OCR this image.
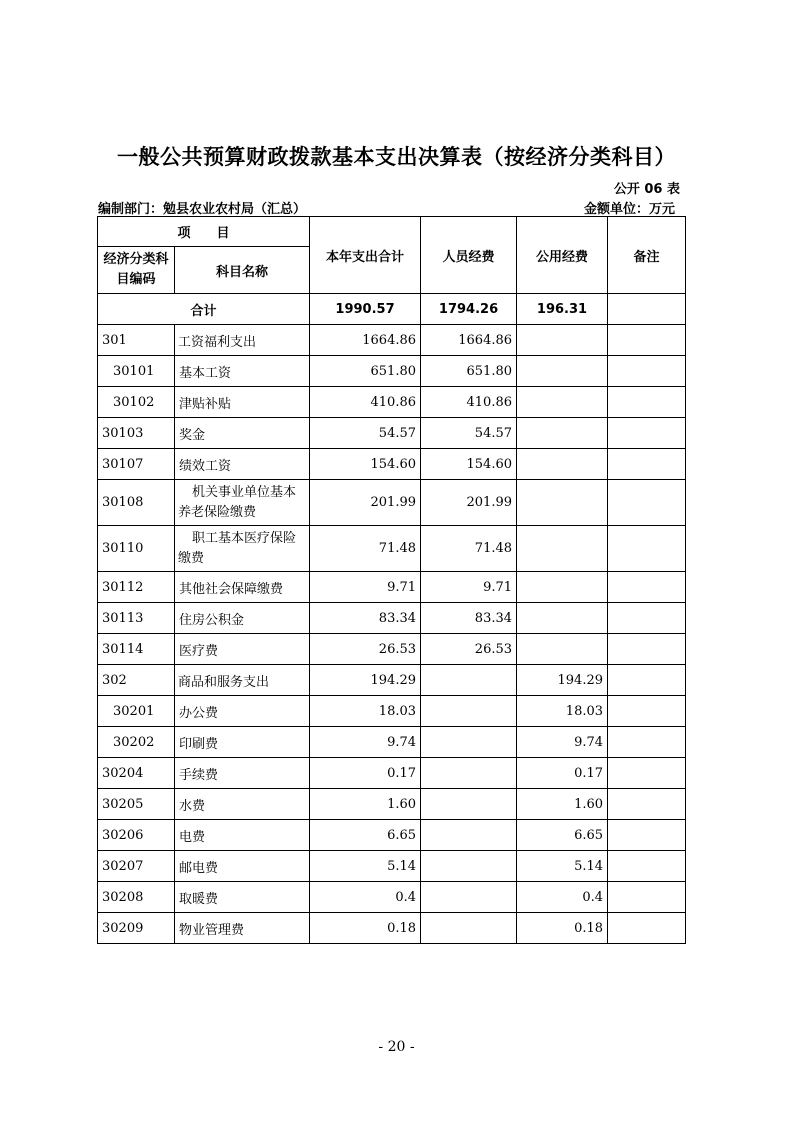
一般公共预算财政拨款基本支出决算表（按经济分类科目）
公开 06 表
编制部门：勉县农业农村局（汇总）	金额单位：万元
项　　目		本年支出合计	人员经费	公用经费	备注
经济分类科目编码	科目名称				
合计		1990.57	1794.26	196.31	
301	工资福利支出	1664.86	1664.86		
30101	基本工资	651.80	651.80		
30102	津贴补贴	410.86	410.86		
30103	奖金	54.57	54.57		
30107	绩效工资	154.60	154.60		
30108	机关事业单位基本养老保险缴费	201.99	201.99		
30110	职工基本医疗保险缴费	71.48	71.48		
30112	其他社会保障缴费	9.71	9.71		
30113	住房公积金	83.34	83.34		
30114	医疗费	26.53	26.53		
302	商品和服务支出	194.29		194.29	
30201	办公费	18.03		18.03	
30202	印刷费	9.74		9.74	
30204	手续费	0.17		0.17	
30205	水费	1.60		1.60	
30206	电费	6.65		6.65	
30207	邮电费	5.14		5.14	
30208	取暖费	0.4		0.4	
30209	物业管理费	0.18		0.18	
- 20 -
